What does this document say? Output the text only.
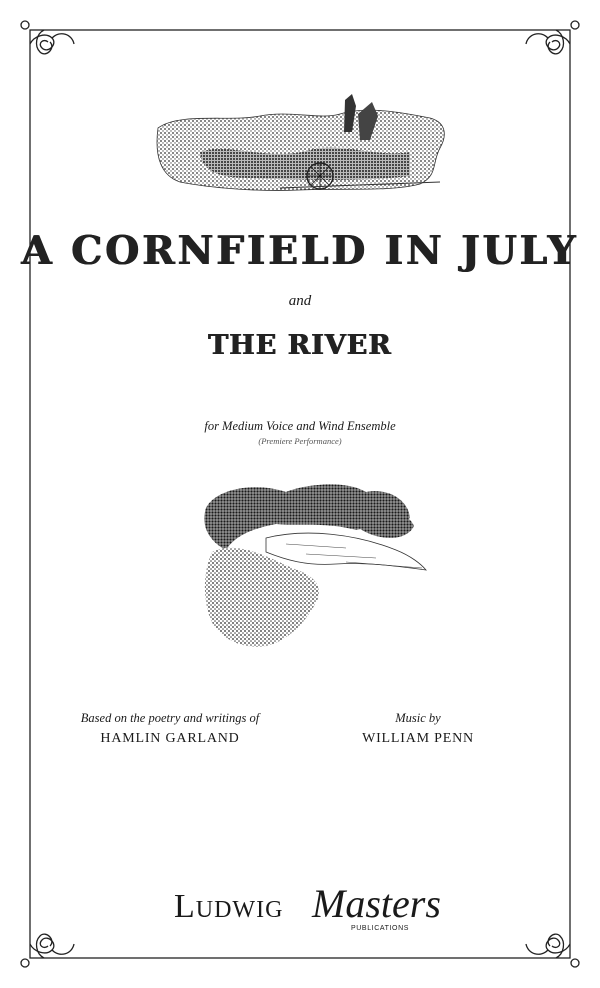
A CORNFIELD IN JULY
and
THE RIVER
for Medium Voice and Wind Ensemble
(Premiere Performance)
Based on the poetry and writings of
HAMLIN GARLAND
Music by
WILLIAM PENN
Ludwig Masters
PUBLICATIONS
